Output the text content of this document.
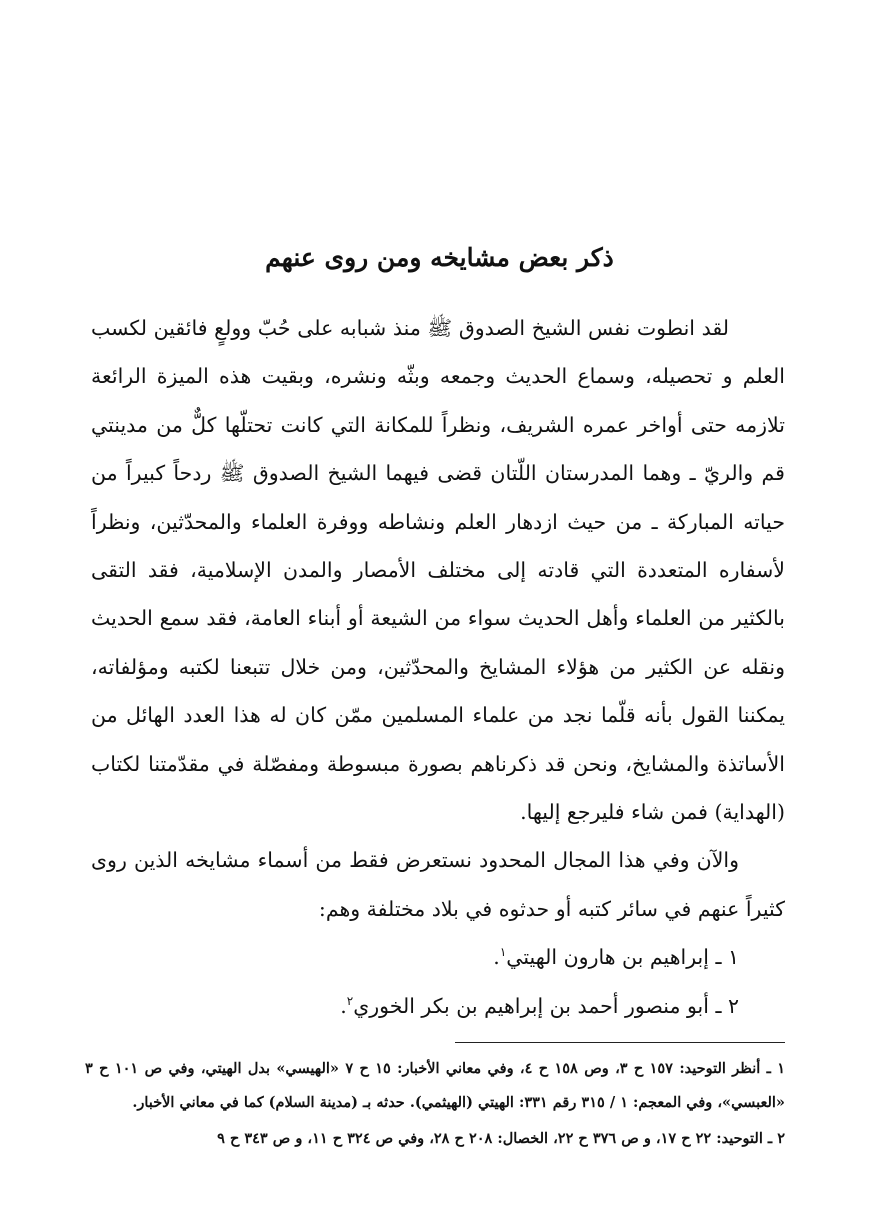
ذكر بعض مشايخه ومن روى عنهم

لقد انطوت نفس الشيخ الصدوق ﷺ منذ شبابه على حُبّ وولعٍ فائقين لكسب العلم و تحصيله، وسماع الحديث وجمعه وبثّه ونشره، وبقيت هذه الميزة الرائعة تلازمه حتى أواخر عمره الشريف، ونظراً للمكانة التي كانت تحتلّها كلٌّ من مدينتي قم والريّ ـ وهما المدرستان اللّتان قضى فيهما الشيخ الصدوق ﷺ ردحاً كبيراً من حياته المباركة ـ من حيث ازدهار العلم ونشاطه ووفرة العلماء والمحدّثين، ونظراً لأسفاره المتعددة التي قادته إلى مختلف الأمصار والمدن الإسلامية، فقد التقى بالكثير من العلماء وأهل الحديث سواء من الشيعة أو أبناء العامة، فقد سمع الحديث ونقله عن الكثير من هؤلاء المشايخ والمحدّثين، ومن خلال تتبعنا لكتبه ومؤلفاته، يمكننا القول بأنه قلّما نجد من علماء المسلمين ممّن كان له هذا العدد الهائل من الأساتذة والمشايخ، ونحن قد ذكرناهم بصورة مبسوطة ومفصّلة في مقدّمتنا لكتاب (الهداية) فمن شاء فليرجع إليها.

والآن وفي هذا المجال المحدود نستعرض فقط من أسماء مشايخه الذين روى كثيراً عنهم في سائر كتبه أو حدثوه في بلاد مختلفة وهم:

١ ـ إبراهيم بن هارون الهيتي$^١$.

٢ ـ أبو منصور أحمد بن إبراهيم بن بكر الخوري$^٢$.

١ ـ أنظر التوحيد: ١٥٧ ح ٣، وص ١٥٨ ح ٤، وفي معاني الأخبار: ١٥ ح ٧ «الهيسي» بدل الهيتي، وفي ص ١٠١ ح ٣ «العبسي»، وفي المعجم: ١ / ٣١٥ رقم ٣٣١: الهيتي (الهيثمي). حدثه بـ (مدينة السلام) كما في معاني الأخبار.

٢ ـ التوحيد: ٢٢ ح ١٧، و ص ٣٧٦ ح ٢٢، الخصال: ٢٠٨ ح ٢٨، وفي ص ٣٢٤ ح ١١، و ص ٣٤٣ ح ٩
